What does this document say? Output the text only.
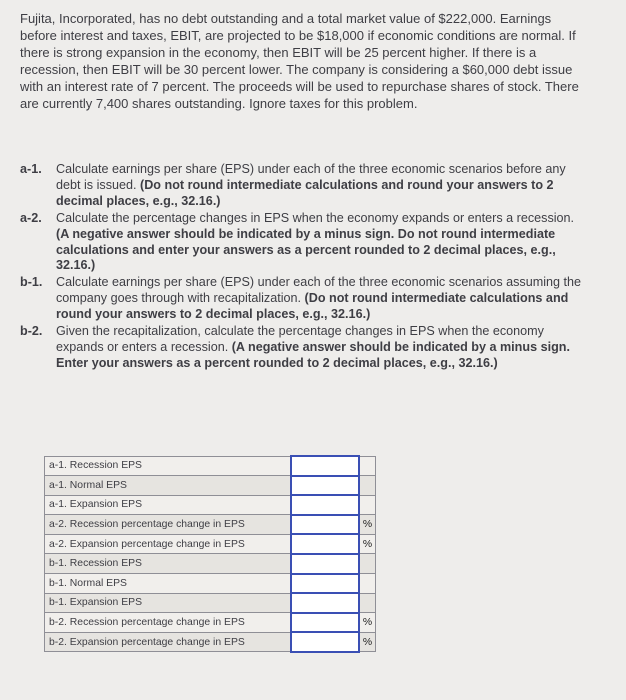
Fujita, Incorporated, has no debt outstanding and a total market value of $222,000. Earnings before interest and taxes, EBIT, are projected to be $18,000 if economic conditions are normal. If there is strong expansion in the economy, then EBIT will be 25 percent higher. If there is a recession, then EBIT will be 30 percent lower. The company is considering a $60,000 debt issue with an interest rate of 7 percent. The proceeds will be used to repurchase shares of stock. There are currently 7,400 shares outstanding. Ignore taxes for this problem.
a-1. Calculate earnings per share (EPS) under each of the three economic scenarios before any debt is issued. (Do not round intermediate calculations and round your answers to 2 decimal places, e.g., 32.16.)
a-2. Calculate the percentage changes in EPS when the economy expands or enters a recession. (A negative answer should be indicated by a minus sign. Do not round intermediate calculations and enter your answers as a percent rounded to 2 decimal places, e.g., 32.16.)
b-1. Calculate earnings per share (EPS) under each of the three economic scenarios assuming the company goes through with recapitalization. (Do not round intermediate calculations and round your answers to 2 decimal places, e.g., 32.16.)
b-2. Given the recapitalization, calculate the percentage changes in EPS when the economy expands or enters a recession. (A negative answer should be indicated by a minus sign. Enter your answers as a percent rounded to 2 decimal places, e.g., 32.16.)
a-1. Recession EPS		
a-1. Normal EPS		
a-1. Expansion EPS		
a-2. Recession percentage change in EPS		%
a-2. Expansion percentage change in EPS		%
b-1. Recession EPS		
b-1. Normal EPS		
b-1. Expansion EPS		
b-2. Recession percentage change in EPS		%
b-2. Expansion percentage change in EPS		%
